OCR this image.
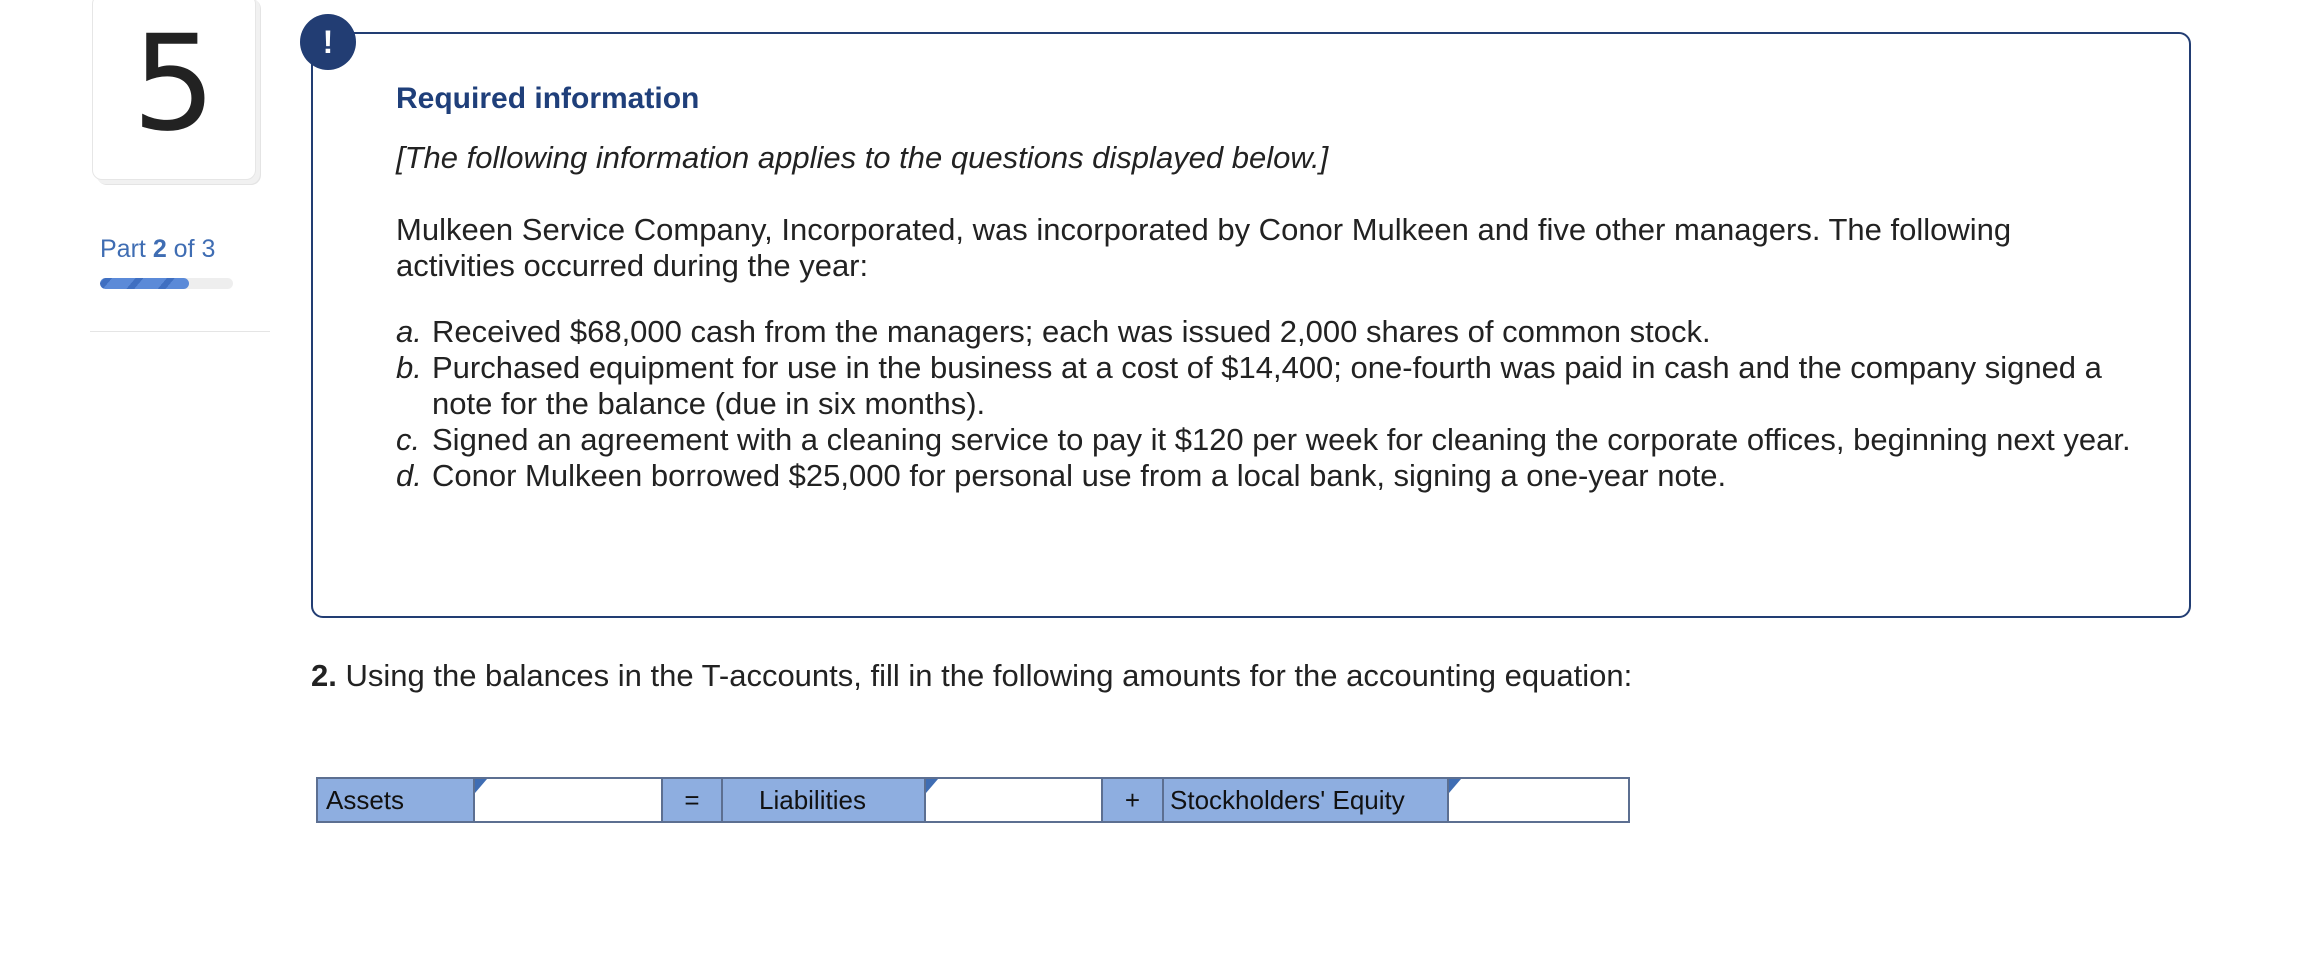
5
Part 2 of 3
!
Required information
[The following information applies to the questions displayed below.]
Mulkeen Service Company, Incorporated, was incorporated by Conor Mulkeen and five other managers. The following activities occurred during the year:
a. Received $68,000 cash from the managers; each was issued 2,000 shares of common stock.
b. Purchased equipment for use in the business at a cost of $14,400; one-fourth was paid in cash and the company signed a note for the balance (due in six months).
c. Signed an agreement with a cleaning service to pay it $120 per week for cleaning the corporate offices, beginning next year.
d. Conor Mulkeen borrowed $25,000 for personal use from a local bank, signing a one-year note.
2. Using the balances in the T-accounts, fill in the following amounts for the accounting equation:
Assets	=	Liabilities	+	Stockholders' Equity
